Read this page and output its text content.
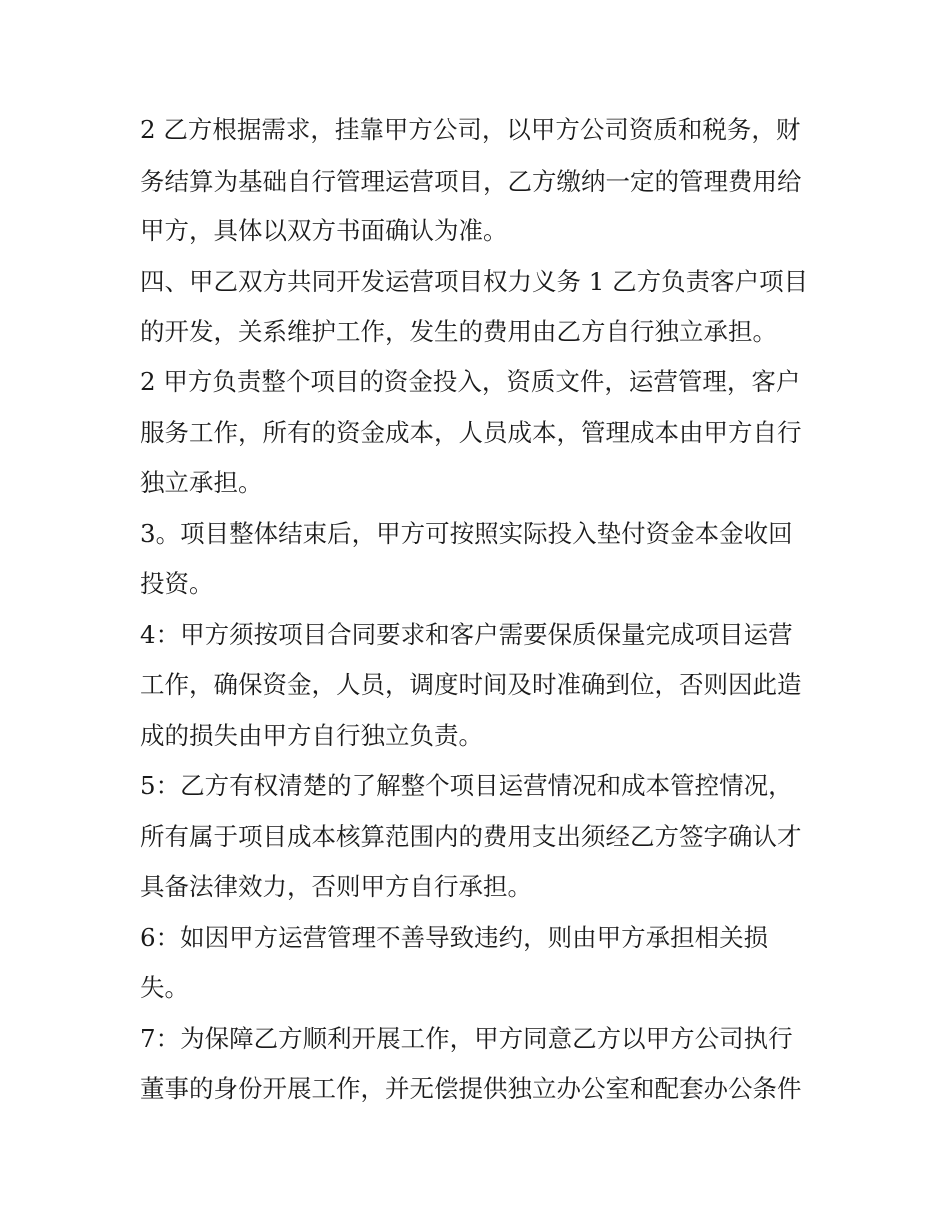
2 乙方根据需求，挂靠甲方公司，以甲方公司资质和税务，财
务结算为基础自行管理运营项目，乙方缴纳一定的管理费用给
甲方，具体以双方书面确认为准。
四、甲乙双方共同开发运营项目权力义务 1 乙方负责客户项目
的开发，关系维护工作，发生的费用由乙方自行独立承担。
2 甲方负责整个项目的资金投入，资质文件，运营管理，客户
服务工作，所有的资金成本，人员成本，管理成本由甲方自行
独立承担。
3。项目整体结束后，甲方可按照实际投入垫付资金本金收回
投资。
4：甲方须按项目合同要求和客户需要保质保量完成项目运营
工作，确保资金，人员，调度时间及时准确到位，否则因此造
成的损失由甲方自行独立负责。
5：乙方有权清楚的了解整个项目运营情况和成本管控情况，
所有属于项目成本核算范围内的费用支出须经乙方签字确认才
具备法律效力，否则甲方自行承担。
6：如因甲方运营管理不善导致违约，则由甲方承担相关损
失。
7：为保障乙方顺利开展工作，甲方同意乙方以甲方公司执行
董事的身份开展工作，并无偿提供独立办公室和配套办公条件
